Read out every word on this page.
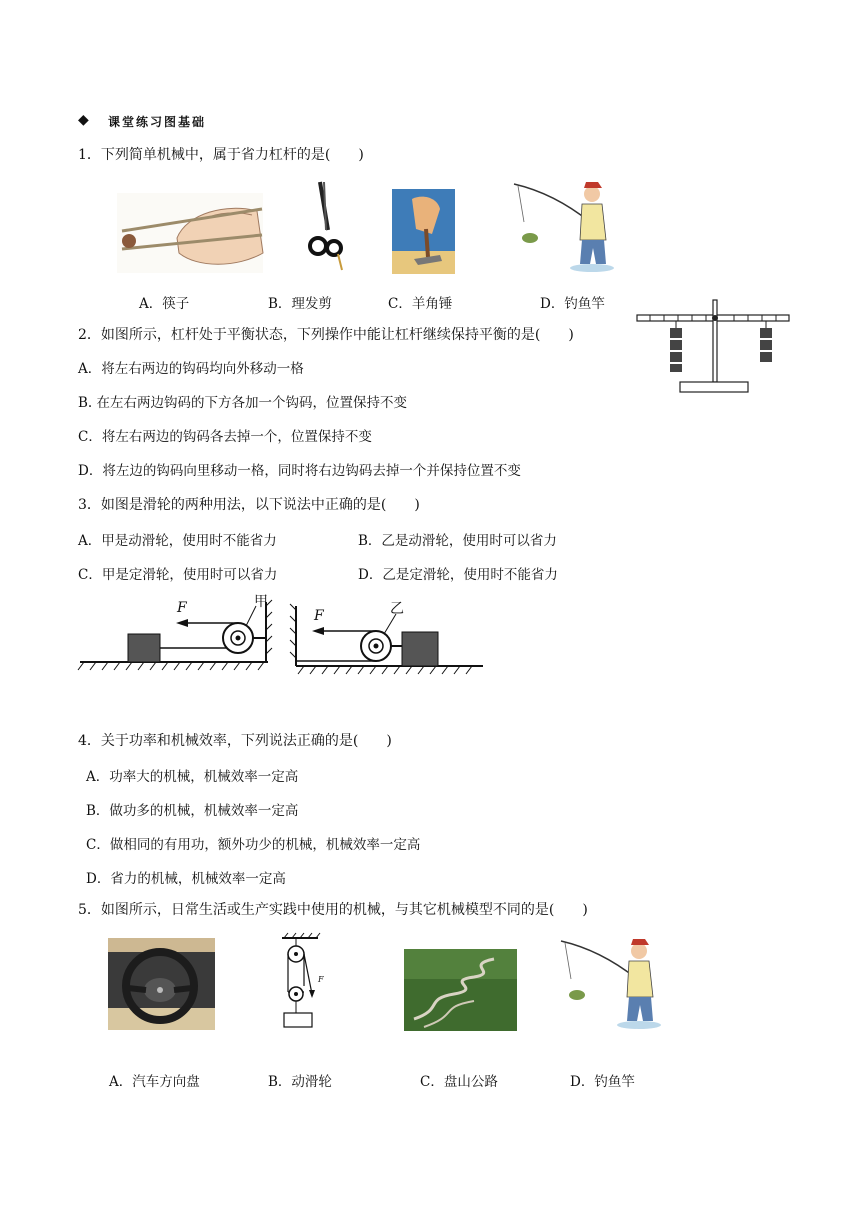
◆ 课堂练习图基础
1．下列简单机械中，属于省力杠杆的是(　　)
A．筷子	B．理发剪	C．羊角锤	D．钓鱼竿
2．如图所示，杠杆处于平衡状态，下列操作中能让杠杆继续保持平衡的是(　　)
A．将左右两边的钩码均向外移动一格
B. 在左右两边钩码的下方各加一个钩码，位置保持不变
C．将左右两边的钩码各去掉一个，位置保持不变
D．将左边的钩码向里移动一格，同时将右边钩码去掉一个并保持位置不变
3．如图是滑轮的两种用法，以下说法中正确的是(　　)
A．甲是动滑轮，使用时不能省力	B．乙是动滑轮，使用时可以省力
C．甲是定滑轮，使用时可以省力	D．乙是定滑轮，使用时不能省力
F	甲
F	乙
4．关于功率和机械效率，下列说法正确的是(　　)
A．功率大的机械，机械效率一定高
B．做功多的机械，机械效率一定高
C．做相同的有用功，额外功少的机械，机械效率一定高
D．省力的机械，机械效率一定高
5．如图所示，日常生活或生产实践中使用的机械，与其它机械模型不同的是(　　)
F
A．汽车方向盘	B．动滑轮	C．盘山公路	D．钓鱼竿
